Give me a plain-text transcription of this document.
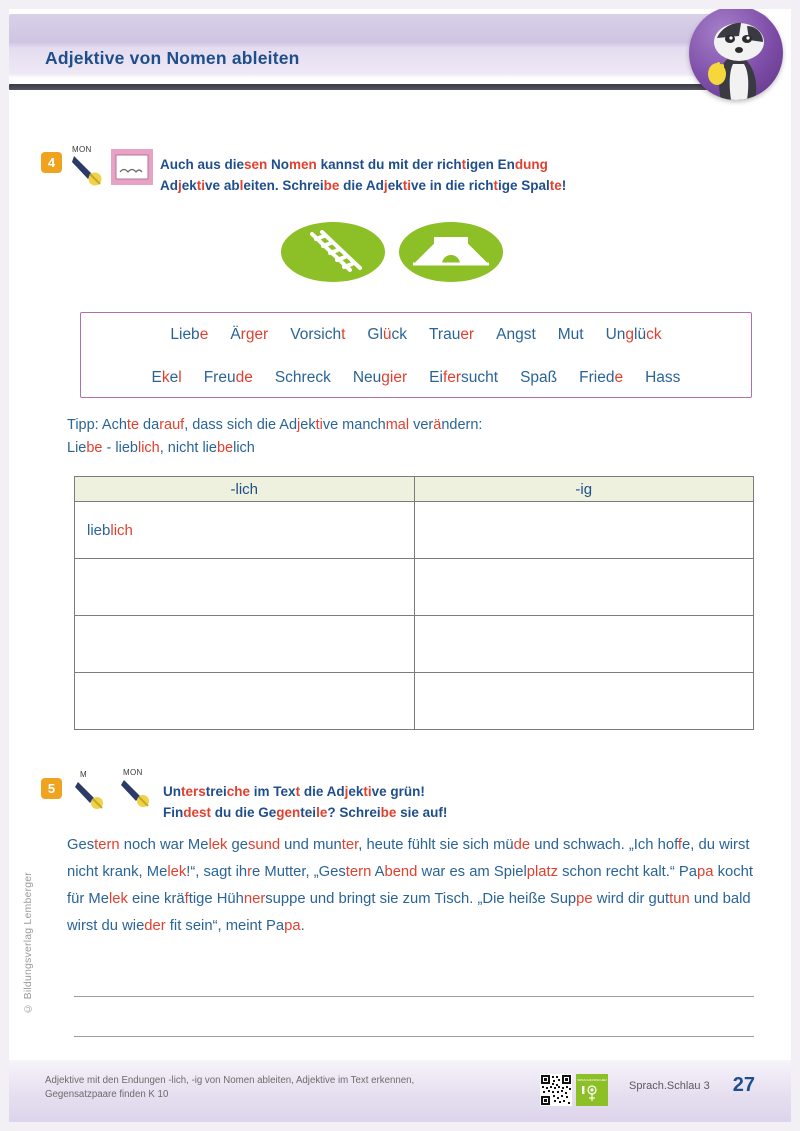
Adjektive von Nomen ableiten
4
MON
Auch aus diesen Nomen kannst du mit der richtigen Endung
Adjektive ableiten. Schreibe die Adjektive in die richtige Spalte!
Liebe Ärger Vorsicht Glück Trauer Angst Mut Unglück
Ekel Freude Schreck Neugier Eifersucht Spaß Friede Hass
Tipp: Achte darauf, dass sich die Adjektive manchmal verändern:
Liebe - lieblich, nicht liebelich
-lich	-ig
lieblich	

5
M	MON
Unterstreiche im Text die Adjektive grün!
Findest du die Gegenteile? Schreibe sie auf!
Gestern noch war Melek gesund und munter, heute fühlt sie sich müde und schwach. „Ich hoffe, du wirst nicht krank, Melek!“, sagt ihre Mutter, „Gestern Abend war es am Spielplatz schon recht kalt.“ Papa kocht für Melek eine kräftige Hühnersuppe und bringt sie zum Tisch. „Die heiße Suppe wird dir guttun und bald wirst du wieder fit sein“, meint Papa.
© Bildungsverlag Lemberger
Adjektive mit den Endungen -lich, -ig von Nomen ableiten, Adjektive im Text erkennen,
Gegensatzpaare finden K 10
SPRACHFORSCHER Sprach.Schlau 3 27
